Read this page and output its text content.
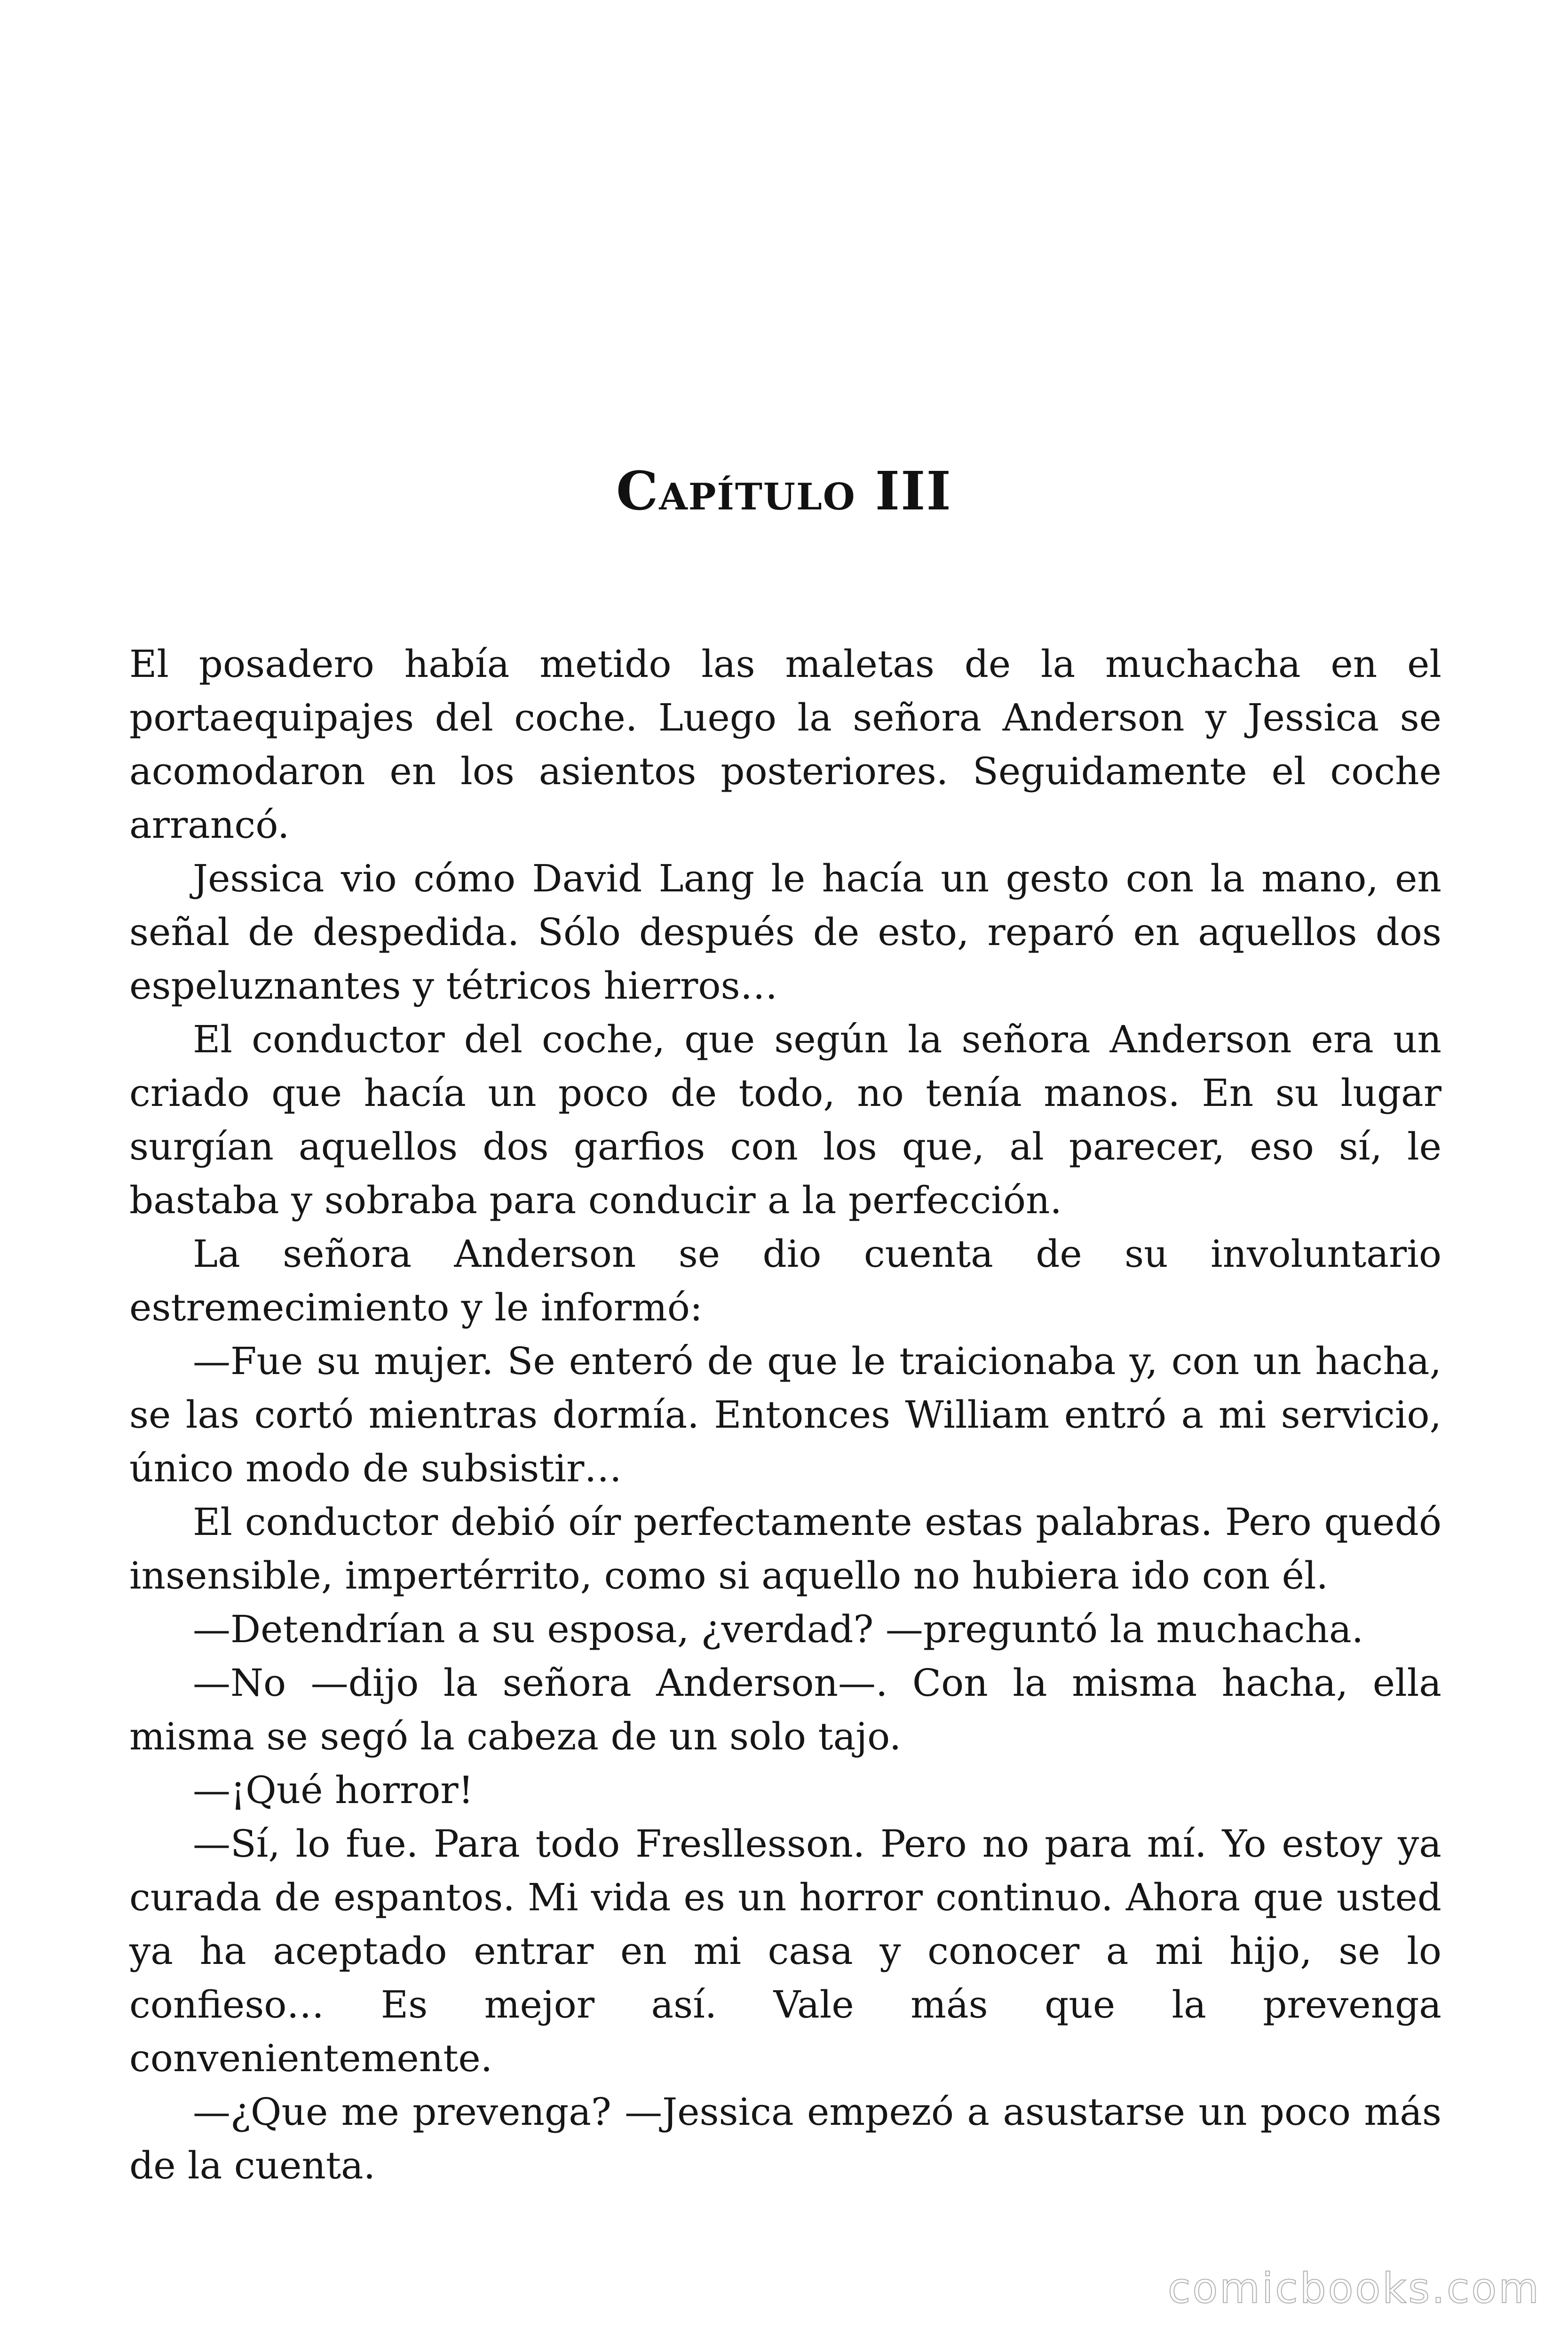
Capítulo III

El posadero había metido las maletas de la muchacha en el portaequipajes del coche. Luego la señora Anderson y Jessica se acomodaron en los asientos posteriores. Seguidamente el coche arrancó.

Jessica vio cómo David Lang le hacía un gesto con la mano, en señal de despedida. Sólo después de esto, reparó en aquellos dos espeluznantes y tétricos hierros…

El conductor del coche, que según la señora Anderson era un criado que hacía un poco de todo, no tenía manos. En su lugar surgían aquellos dos garfios con los que, al parecer, eso sí, le bastaba y sobraba para conducir a la perfección.

La señora Anderson se dio cuenta de su involuntario estremecimiento y le informó:

—Fue su mujer. Se enteró de que le traicionaba y, con un hacha, se las cortó mientras dormía. Entonces William entró a mi servicio, único modo de subsistir…

El conductor debió oír perfectamente estas palabras. Pero quedó insensible, impertérrito, como si aquello no hubiera ido con él.

—Detendrían a su esposa, ¿verdad? —preguntó la muchacha.

—No —dijo la señora Anderson—. Con la misma hacha, ella misma se segó la cabeza de un solo tajo.

—¡Qué horror!

—Sí, lo fue. Para todo Fresllesson. Pero no para mí. Yo estoy ya curada de espantos. Mi vida es un horror continuo. Ahora que usted ya ha aceptado entrar en mi casa y conocer a mi hijo, se lo confieso… Es mejor así. Vale más que la prevenga convenientemente.

—¿Que me prevenga? —Jessica empezó a asustarse un poco más de la cuenta.

comicbooks.com
